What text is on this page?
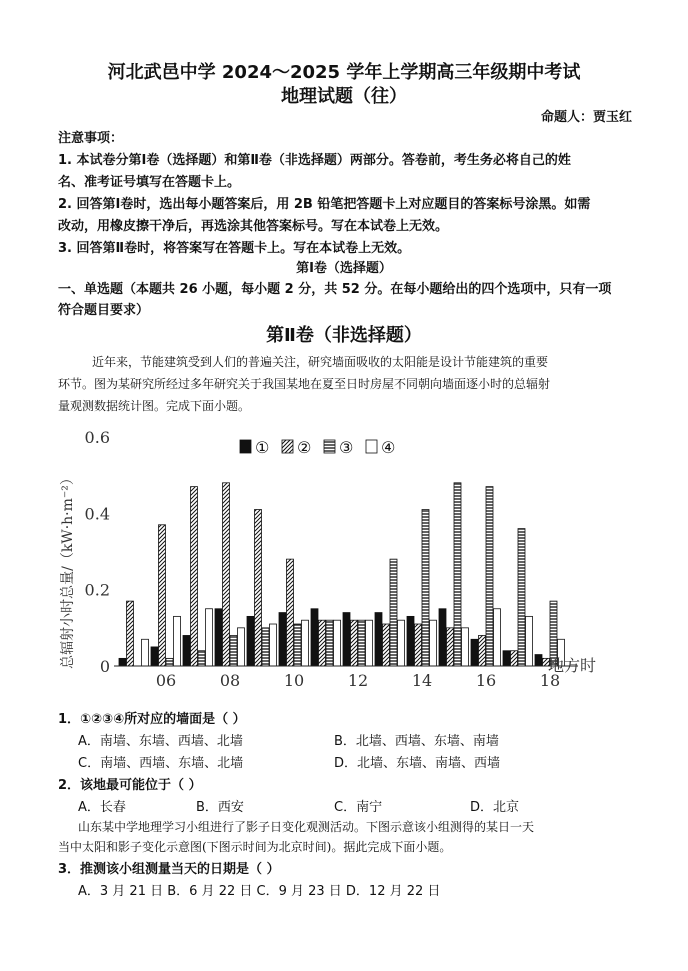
河北武邑中学 2024～2025 学年上学期高三年级期中考试
地理试题（往）
命题人：贾玉红
注意事项：
1. 本试卷分第Ⅰ卷（选择题）和第Ⅱ卷（非选择题）两部分。答卷前，考生务必将自己的姓
名、准考证号填写在答题卡上。
2. 回答第Ⅰ卷时，选出每小题答案后，用 2B 铅笔把答题卡上对应题目的答案标号涂黑。如需
改动，用橡皮擦干净后，再选涂其他答案标号。写在本试卷上无效。
3. 回答第Ⅱ卷时，将答案写在答题卡上。写在本试卷上无效。
第Ⅰ卷（选择题）
一、单选题（本题共 26 小题，每小题 2 分，共 52 分。在每小题给出的四个选项中，只有一项
符合题目要求）
第Ⅱ卷（非选择题）
近年来，节能建筑受到人们的普遍关注，研究墙面吸收的太阳能是设计节能建筑的重要
环节。图为某研究所经过多年研究关于我国某地在夏至日时房屋不同朝向墙面逐小时的总辐射
量观测数据统计图。完成下面小题。
0
0.2
0.4
0.6
06	08	10	12	14	16	18
① ② ③ ④
总辐射小时总量/（kW·h·m⁻²）	地方时
1．①②③④所对应的墙面是（ ）
A．南墙、东墙、西墙、北墙	B．北墙、西墙、东墙、南墙
C．南墙、西墙、东墙、北墙	D．北墙、东墙、南墙、西墙
2．该地最可能位于（ ）
A．长春	B．西安	C．南宁	D．北京
山东某中学地理学习小组进行了影子日变化观测活动。下图示意该小组测得的某日一天
当中太阳和影子变化示意图(下图示时间为北京时间)。据此完成下面小题。
3．推测该小组测量当天的日期是（ ）
A．3 月 21 日 B．6 月 22 日 C．9 月 23 日 D．12 月 22 日
